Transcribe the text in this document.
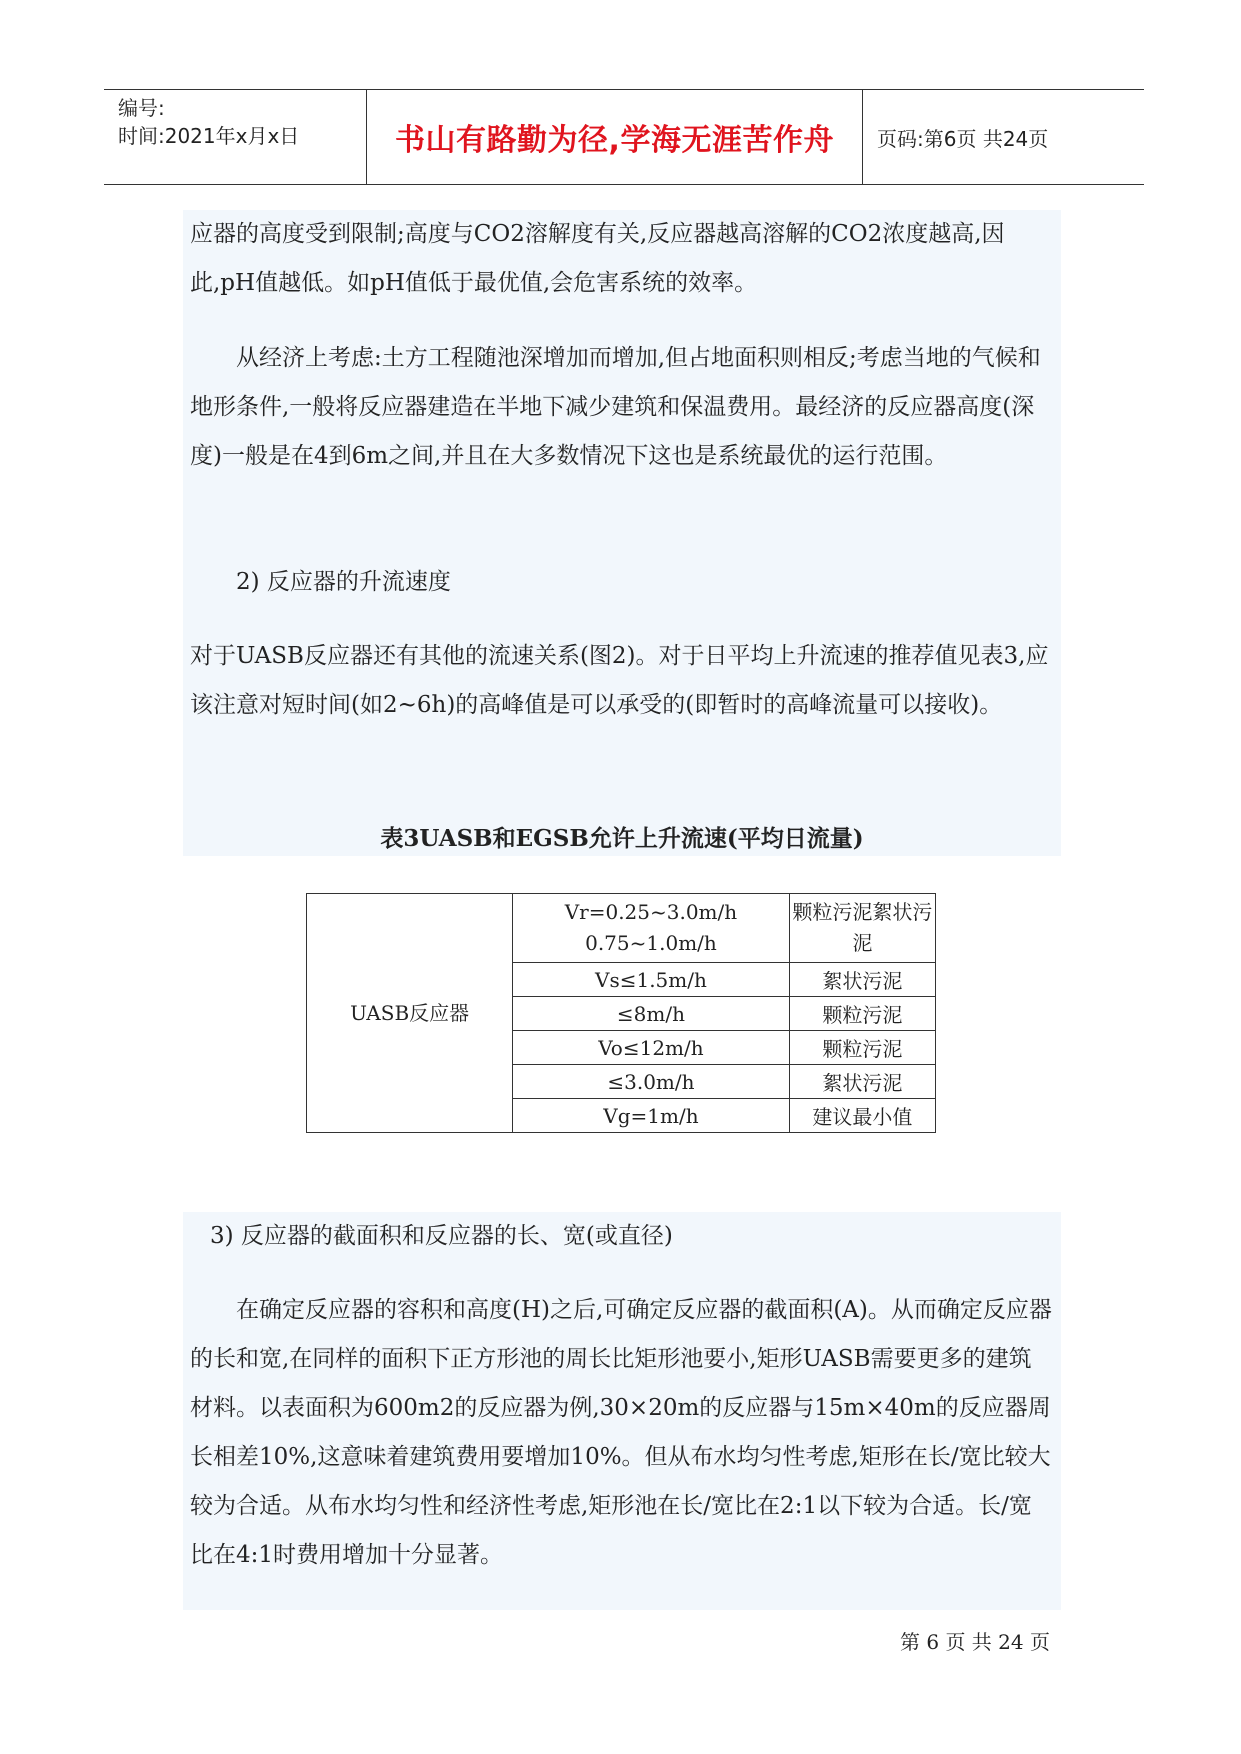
编号:
时间:2021年x月x日	书山有路勤为径,学海无涯苦作舟 页码:第6页 共24页

应器的高度受到限制;高度与CO2溶解度有关,反应器越高溶解的CO2浓度越高,因此,pH值越低。如pH值低于最优值,会危害系统的效率。

从经济上考虑:土方工程随池深增加而增加,但占地面积则相反;考虑当地的气候和地形条件,一般将反应器建造在半地下减少建筑和保温费用。最经济的反应器高度(深度)一般是在4到6m之间,并且在大多数情况下这也是系统最优的运行范围。

2) 反应器的升流速度

对于UASB反应器还有其他的流速关系(图2)。对于日平均上升流速的推荐值见表3,应该注意对短时间(如2~6h)的高峰值是可以承受的(即暂时的高峰流量可以接收)。

表3UASB和EGSB允许上升流速(平均日流量)
UASB反应器	Vr=0.25~3.0m/h 0.75~1.0m/h	颗粒污泥絮状污泥
	Vs≤1.5m/h	絮状污泥
	≤8m/h	颗粒污泥
	Vo≤12m/h	颗粒污泥
	≤3.0m/h	絮状污泥
	Vg=1m/h	建议最小值

3) 反应器的截面积和反应器的长、宽(或直径)

在确定反应器的容积和高度(H)之后,可确定反应器的截面积(A)。从而确定反应器的长和宽,在同样的面积下正方形池的周长比矩形池要小,矩形UASB需要更多的建筑材料。以表面积为600m2的反应器为例,30×20m的反应器与15m×40m的反应器周长相差10%,这意味着建筑费用要增加10%。但从布水均匀性考虑,矩形在长/宽比较大较为合适。从布水均匀性和经济性考虑,矩形池在长/宽比在2:1以下较为合适。长/宽比在4:1时费用增加十分显著。

第 6 页 共 24 页
